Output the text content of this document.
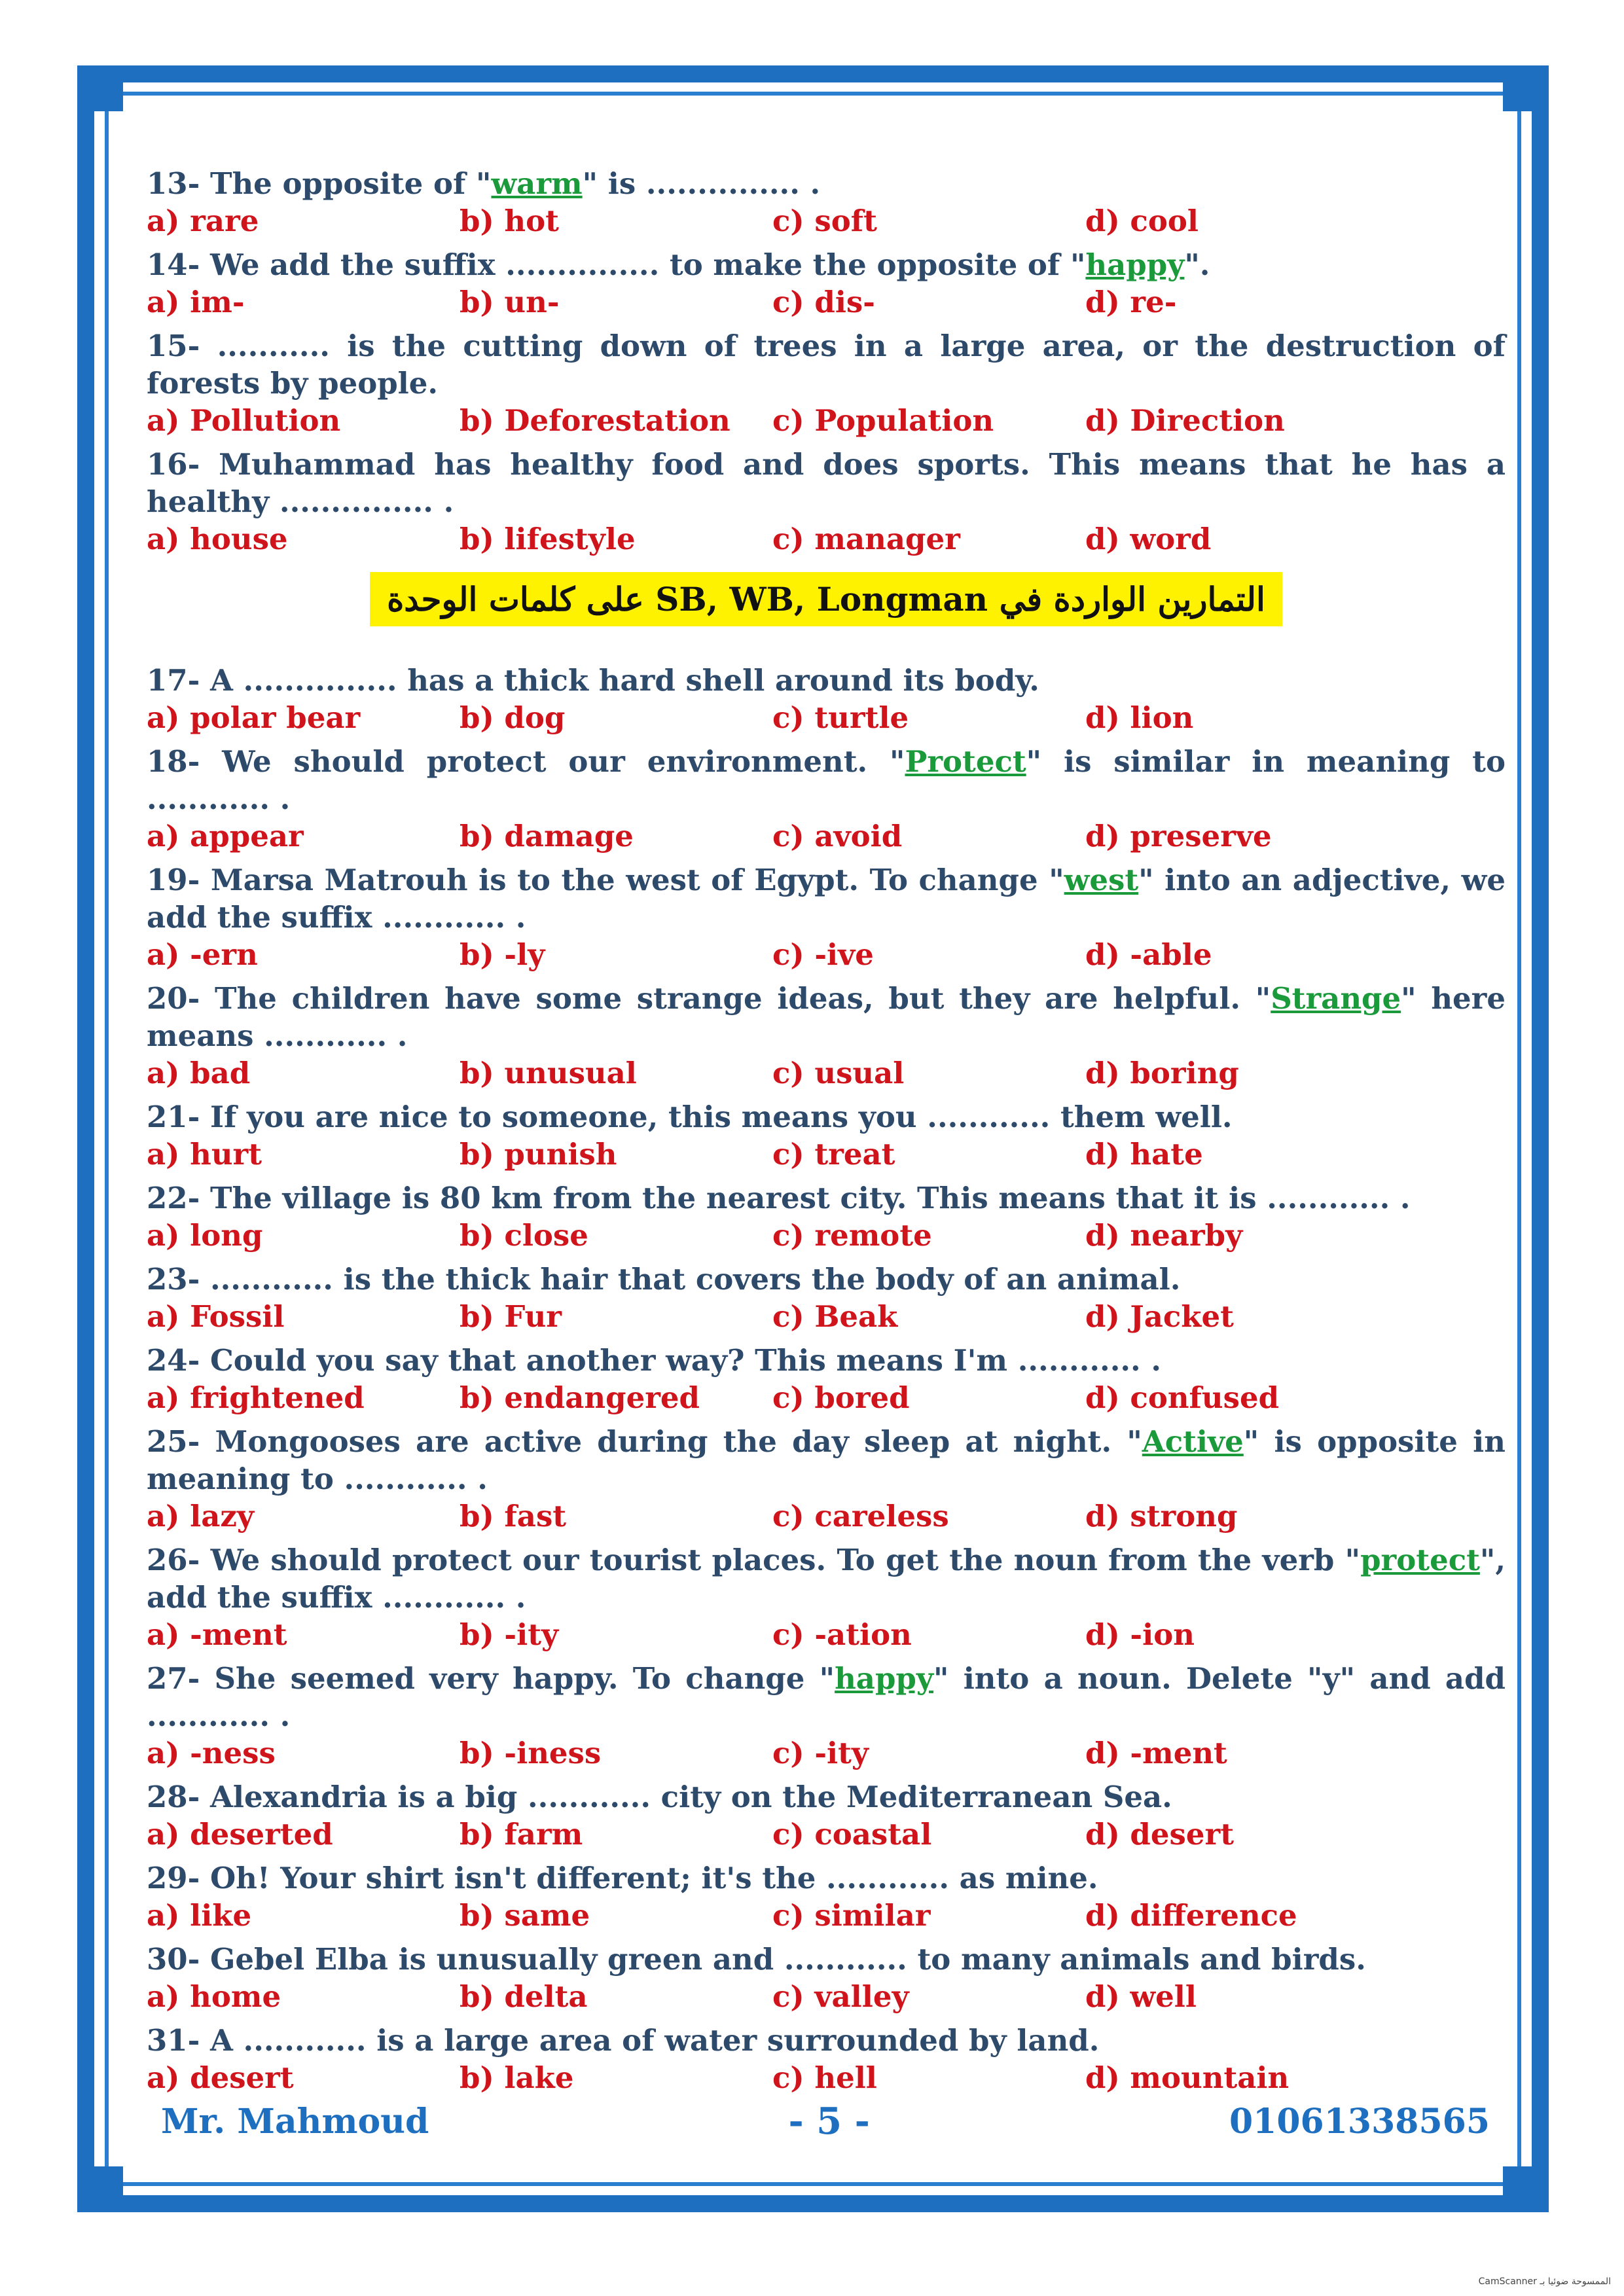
13- The opposite of "warm" is ............... .
a) rare	b) hot	c) soft	d) cool
14- We add the suffix ............... to make the opposite of "happy".
a) im-	b) un-	c) dis-	d) re-
15- ........... is the cutting down of trees in a large area, or the destruction of forests by people.
a) Pollution	b) Deforestation	c) Population	d) Direction
16- Muhammad has healthy food and does sports. This means that he has a healthy ............... .
a) house	b) lifestyle	c) manager	d) word
التمارين الواردة في SB, WB, Longman على كلمات الوحدة
17- A ............... has a thick hard shell around its body.
a) polar bear	b) dog	c) turtle	d) lion
18- We should protect our environment. "Protect" is similar in meaning to ............ .
a) appear	b) damage	c) avoid	d) preserve
19- Marsa Matrouh is to the west of Egypt. To change "west" into an adjective, we add the suffix ............ .
a) -ern	b) -ly	c) -ive	d) -able
20- The children have some strange ideas, but they are helpful. "Strange" here means ............ .
a) bad	b) unusual	c) usual	d) boring
21- If you are nice to someone, this means you ............ them well.
a) hurt	b) punish	c) treat	d) hate
22- The village is 80 km from the nearest city. This means that it is ............ .
a) long	b) close	c) remote	d) nearby
23- ............ is the thick hair that covers the body of an animal.
a) Fossil	b) Fur	c) Beak	d) Jacket
24- Could you say that another way? This means I'm ............ .
a) frightened	b) endangered	c) bored	d) confused
25- Mongooses are active during the day sleep at night. "Active" is opposite in meaning to ............ .
a) lazy	b) fast	c) careless	d) strong
26- We should protect our tourist places. To get the noun from the verb "protect", add the suffix ............ .
a) -ment	b) -ity	c) -ation	d) -ion
27- She seemed very happy. To change "happy" into a noun. Delete "y" and add ............ .
a) -ness	b) -iness	c) -ity	d) -ment
28- Alexandria is a big ............ city on the Mediterranean Sea.
a) deserted	b) farm	c) coastal	d) desert
29- Oh! Your shirt isn't different; it's the ............ as mine.
a) like	b) same	c) similar	d) difference
30- Gebel Elba is unusually green and ............ to many animals and birds.
a) home	b) delta	c) valley	d) well
31- A ............ is a large area of water surrounded by land.
a) desert	b) lake	c) hell	d) mountain
Mr. Mahmoud	- 5 -	01061338565
CamScanner الممسوحة ضوئيا بـ
